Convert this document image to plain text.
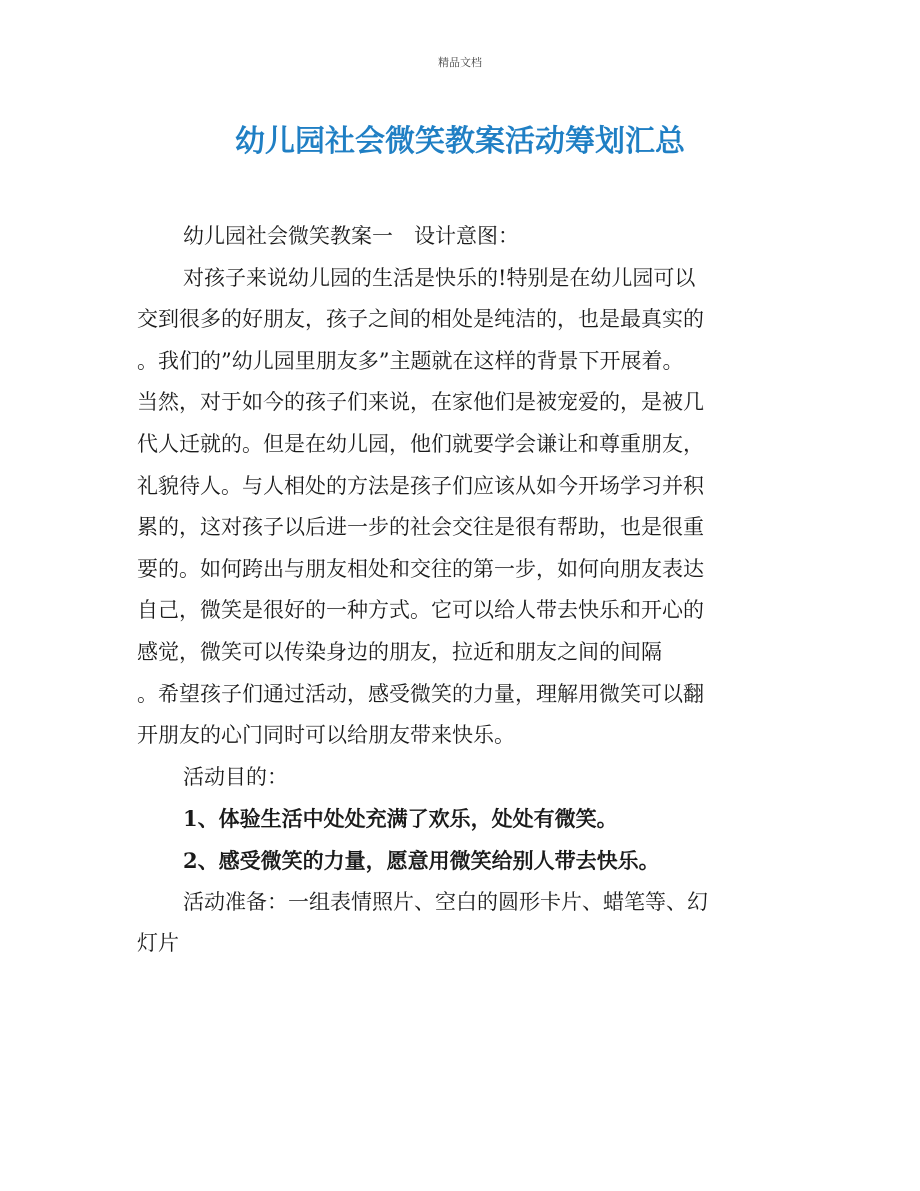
精品文档
幼儿园社会微笑教案活动筹划汇总
幼儿园社会微笑教案一　设计意图：
对孩子来说幼儿园的生活是快乐的!特别是在幼儿园可以
交到很多的好朋友，孩子之间的相处是纯洁的，也是最真实的
。我们的”幼儿园里朋友多”主题就在这样的背景下开展着。
当然，对于如今的孩子们来说，在家他们是被宠爱的，是被几
代人迁就的。但是在幼儿园，他们就要学会谦让和尊重朋友，
礼貌待人。与人相处的方法是孩子们应该从如今开场学习并积
累的，这对孩子以后进一步的社会交往是很有帮助，也是很重
要的。如何跨出与朋友相处和交往的第一步，如何向朋友表达
自己，微笑是很好的一种方式。它可以给人带去快乐和开心的
感觉，微笑可以传染身边的朋友，拉近和朋友之间的间隔
。希望孩子们通过活动，感受微笑的力量，理解用微笑可以翻
开朋友的心门同时可以给朋友带来快乐。
活动目的：
1、体验生活中处处充满了欢乐，处处有微笑。
2、感受微笑的力量，愿意用微笑给别人带去快乐。
活动准备：一组表情照片、空白的圆形卡片、蜡笔等、幻
灯片
